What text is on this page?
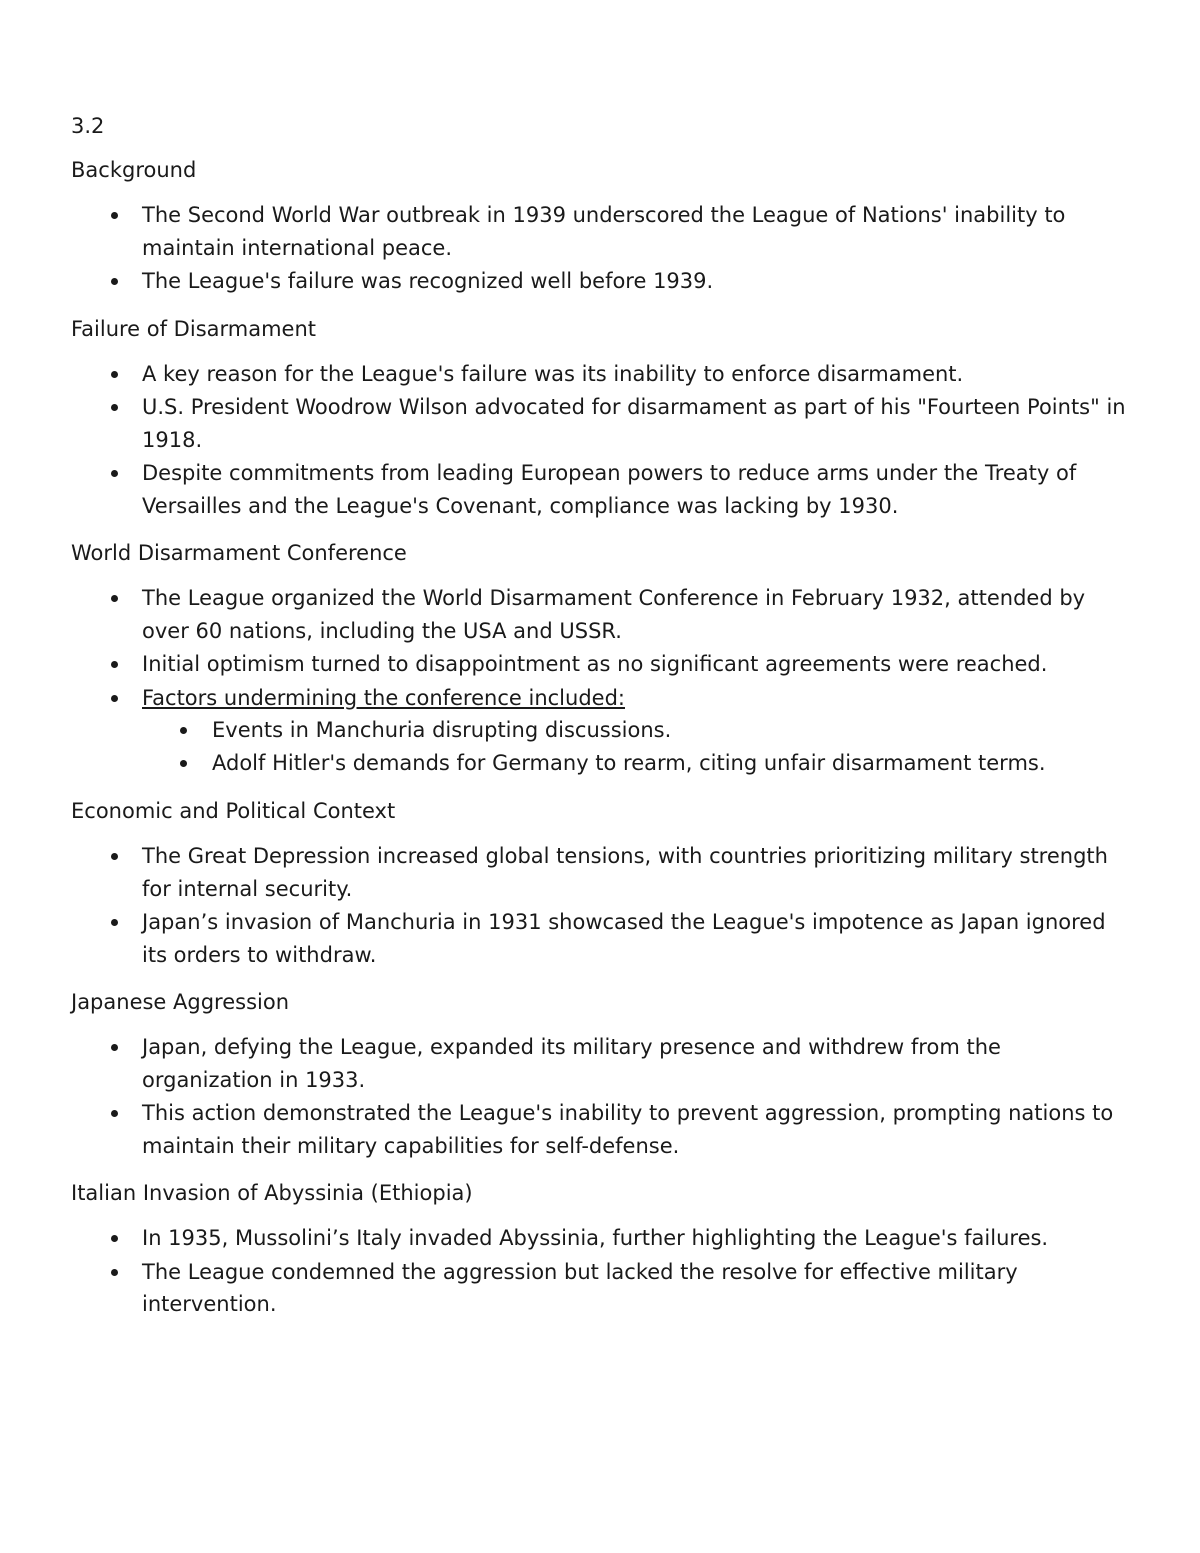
3.2
Background
The Second World War outbreak in 1939 underscored the League of Nations' inability to maintain international peace.
The League's failure was recognized well before 1939.
Failure of Disarmament
A key reason for the League's failure was its inability to enforce disarmament.
U.S. President Woodrow Wilson advocated for disarmament as part of his "Fourteen Points" in 1918.
Despite commitments from leading European powers to reduce arms under the Treaty of Versailles and the League's Covenant, compliance was lacking by 1930.
World Disarmament Conference
The League organized the World Disarmament Conference in February 1932, attended by over 60 nations, including the USA and USSR.
Initial optimism turned to disappointment as no significant agreements were reached.
Factors undermining the conference included:
Events in Manchuria disrupting discussions.
Adolf Hitler's demands for Germany to rearm, citing unfair disarmament terms.
Economic and Political Context
The Great Depression increased global tensions, with countries prioritizing military strength for internal security.
Japan’s invasion of Manchuria in 1931 showcased the League's impotence as Japan ignored its orders to withdraw.
Japanese Aggression
Japan, defying the League, expanded its military presence and withdrew from the organization in 1933.
This action demonstrated the League's inability to prevent aggression, prompting nations to maintain their military capabilities for self-defense.
Italian Invasion of Abyssinia (Ethiopia)
In 1935, Mussolini’s Italy invaded Abyssinia, further highlighting the League's failures.
The League condemned the aggression but lacked the resolve for effective military intervention.
